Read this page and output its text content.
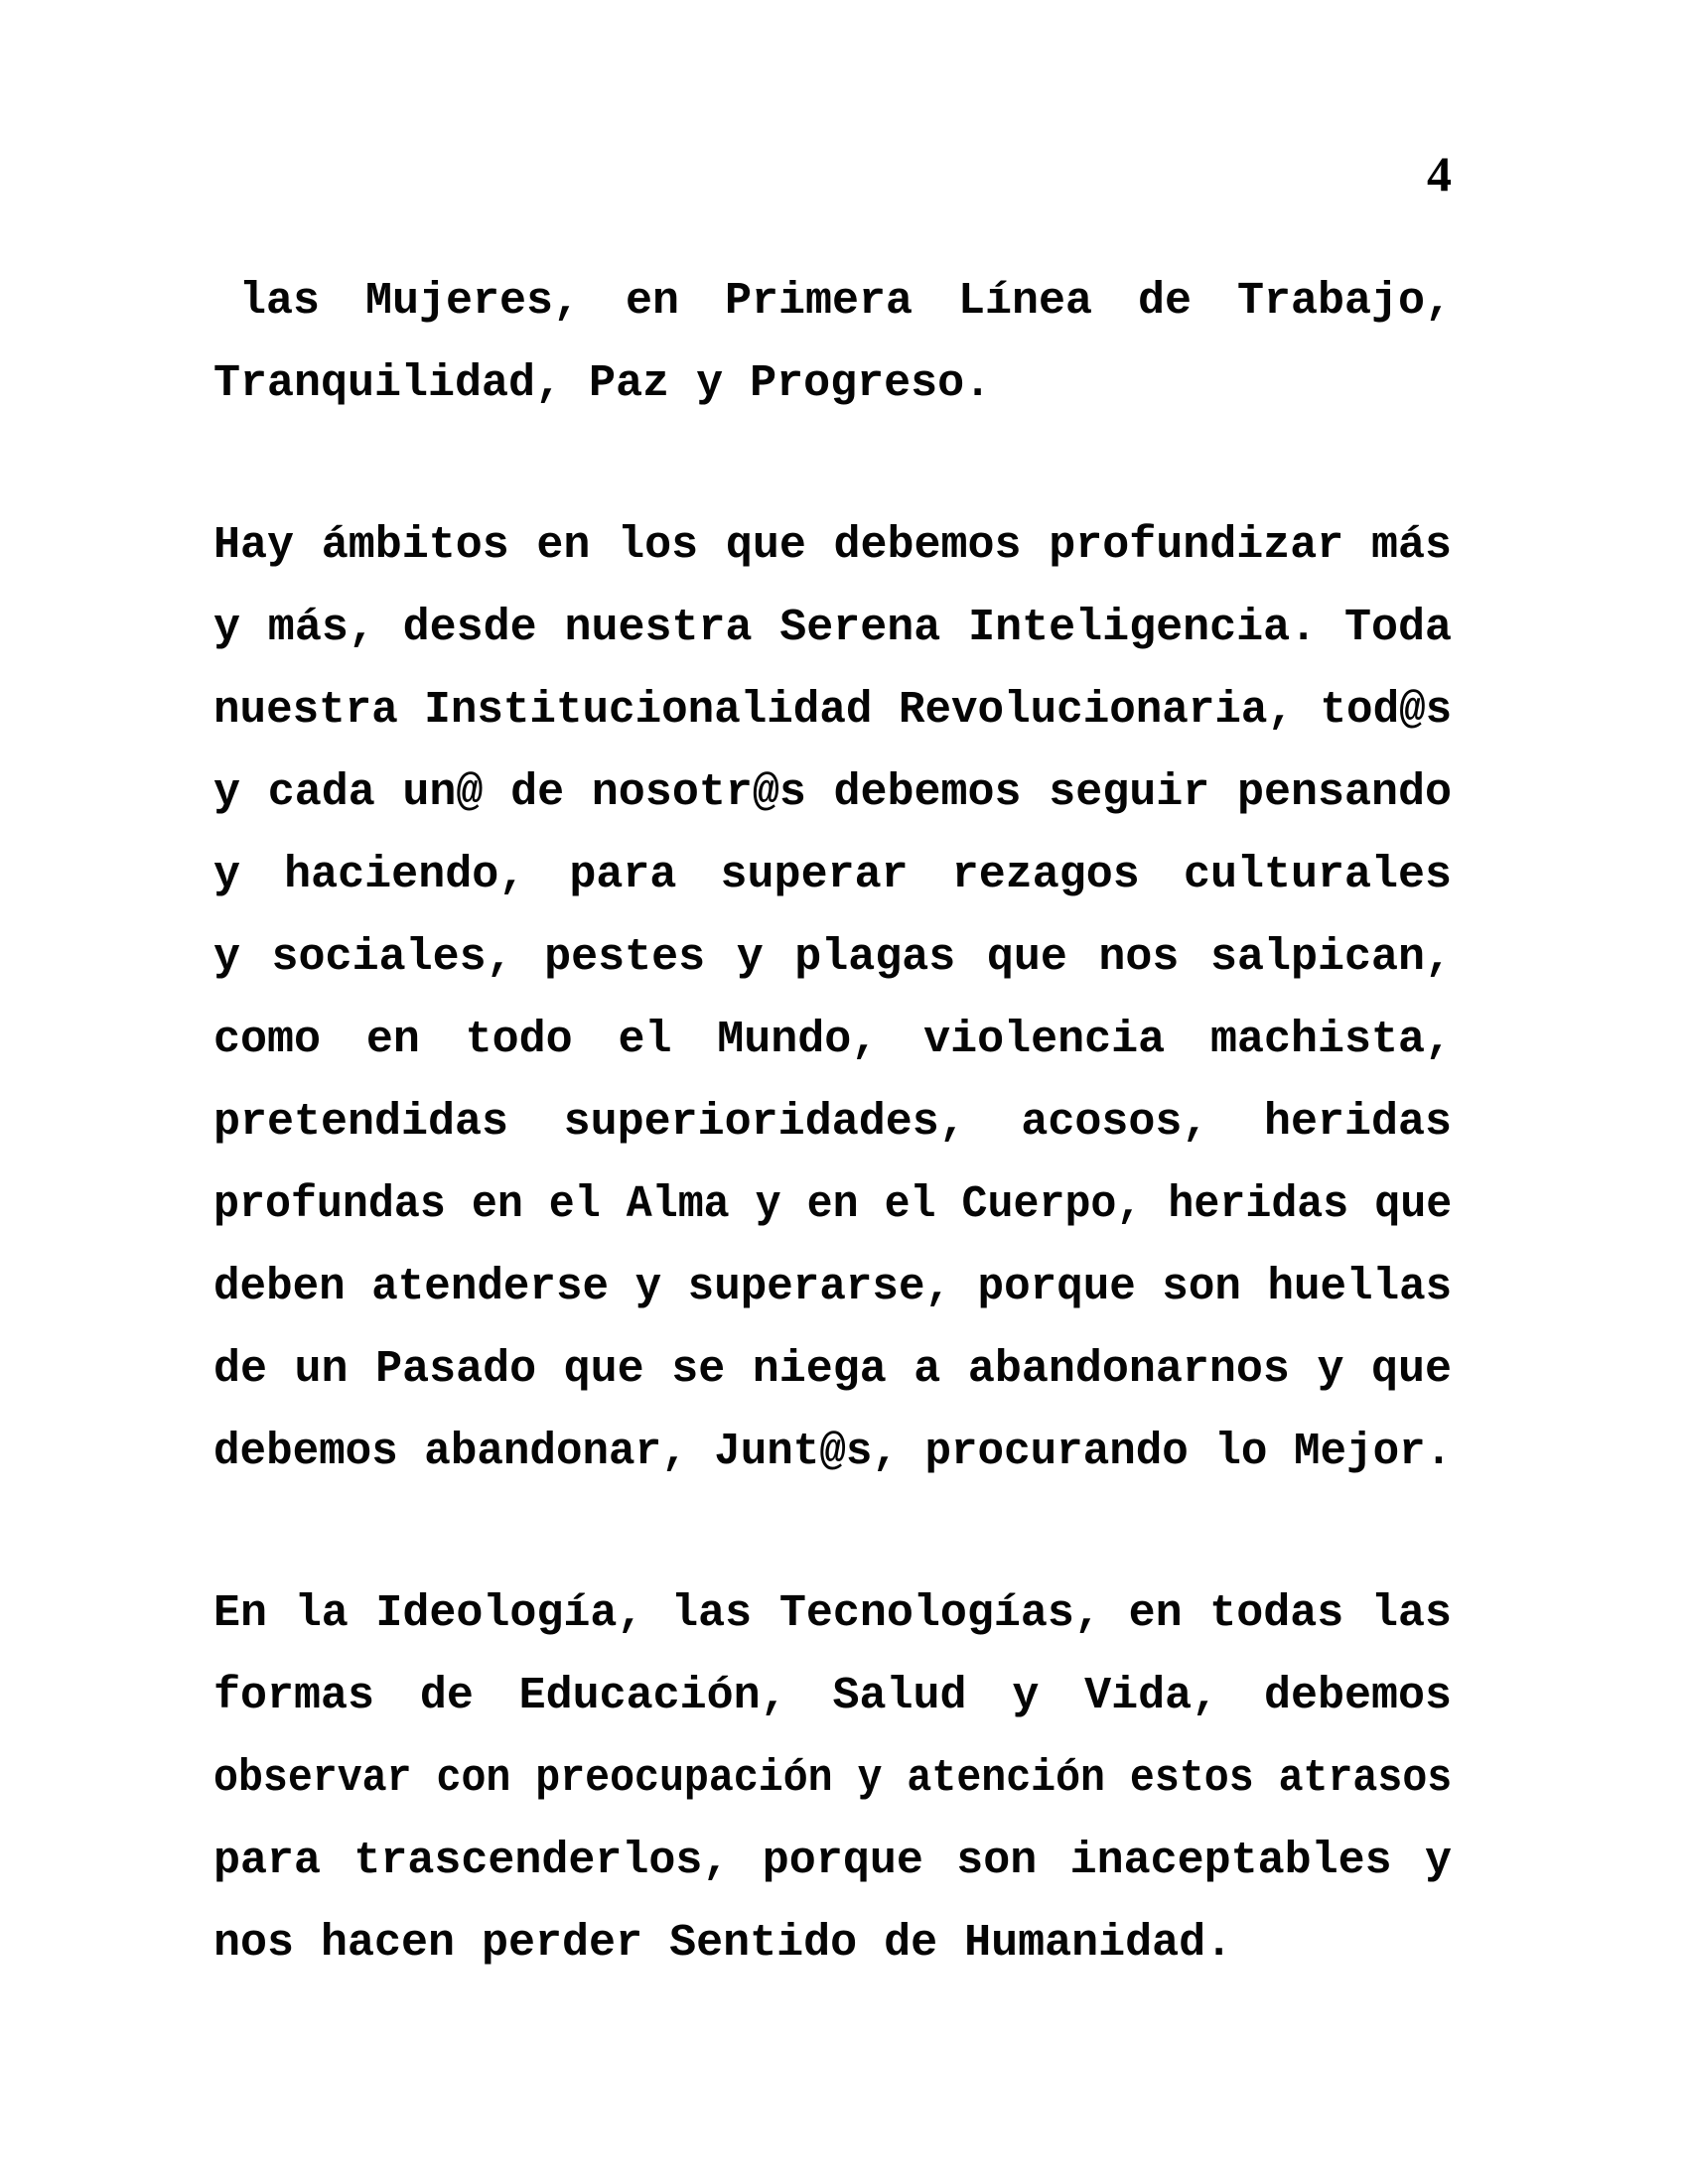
4
las Mujeres, en Primera Línea de Trabajo,
Tranquilidad, Paz y Progreso.
Hay ámbitos en los que debemos profundizar más
y más, desde nuestra Serena Inteligencia. Toda
nuestra Institucionalidad Revolucionaria, tod@s
y cada un@ de nosotr@s debemos seguir pensando
y haciendo, para superar rezagos culturales
y sociales, pestes y plagas que nos salpican,
como en todo el Mundo, violencia machista,
pretendidas superioridades, acosos, heridas
profundas en el Alma y en el Cuerpo, heridas que
deben atenderse y superarse, porque son huellas
de un Pasado que se niega a abandonarnos y que
debemos abandonar, Junt@s, procurando lo Mejor.
En la Ideología, las Tecnologías, en todas las
formas de Educación, Salud y Vida, debemos
observar con preocupación y atención estos atrasos
para trascenderlos, porque son inaceptables y
nos hacen perder Sentido de Humanidad.
